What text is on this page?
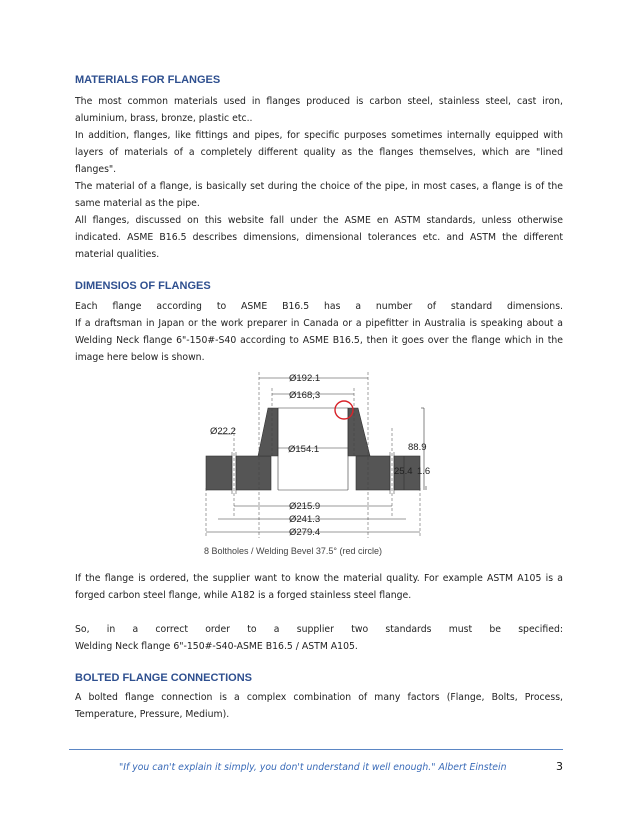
MATERIALS FOR FLANGES
The most common materials used in flanges produced is carbon steel, stainless steel, cast iron, aluminium, brass, bronze, plastic etc..
In addition, flanges, like fittings and pipes, for specific purposes sometimes internally equipped with layers of materials of a completely different quality as the flanges themselves, which are "lined flanges".
The material of a flange, is basically set during the choice of the pipe, in most cases, a flange is of the same material as the pipe.
All flanges, discussed on this website fall under the ASME en ASTM standards, unless otherwise indicated. ASME B16.5 describes dimensions, dimensional tolerances etc. and ASTM the different material qualities.
DIMENSIOS OF FLANGES
Each flange according to ASME B16.5 has a number of standard dimensions.
If a draftsman in Japan or the work preparer in Canada or a pipefitter in Australia is speaking about a Welding Neck flange 6"-150#-S40 according to ASME B16.5, then it goes over the flange which in the image here below is shown.
Ø192.1
Ø168,3
Ø22.2
Ø154.1	88.9
25.4 1.6
Ø215.9
Ø241.3
Ø279.4
8 Boltholes / Welding Bevel 37.5° (red circle)
If the flange is ordered, the supplier want to know the material quality. For example ASTM A105 is a forged carbon steel flange, while A182 is a forged stainless steel flange.
So, in a correct order to a supplier two standards must be specified:
Welding Neck flange 6"-150#-S40-ASME B16.5 / ASTM A105.
BOLTED FLANGE CONNECTIONS
A bolted flange connection is a complex combination of many factors (Flange, Bolts, Process, Temperature, Pressure, Medium).
"If you can't explain it simply, you don't understand it well enough." Albert Einstein	3
